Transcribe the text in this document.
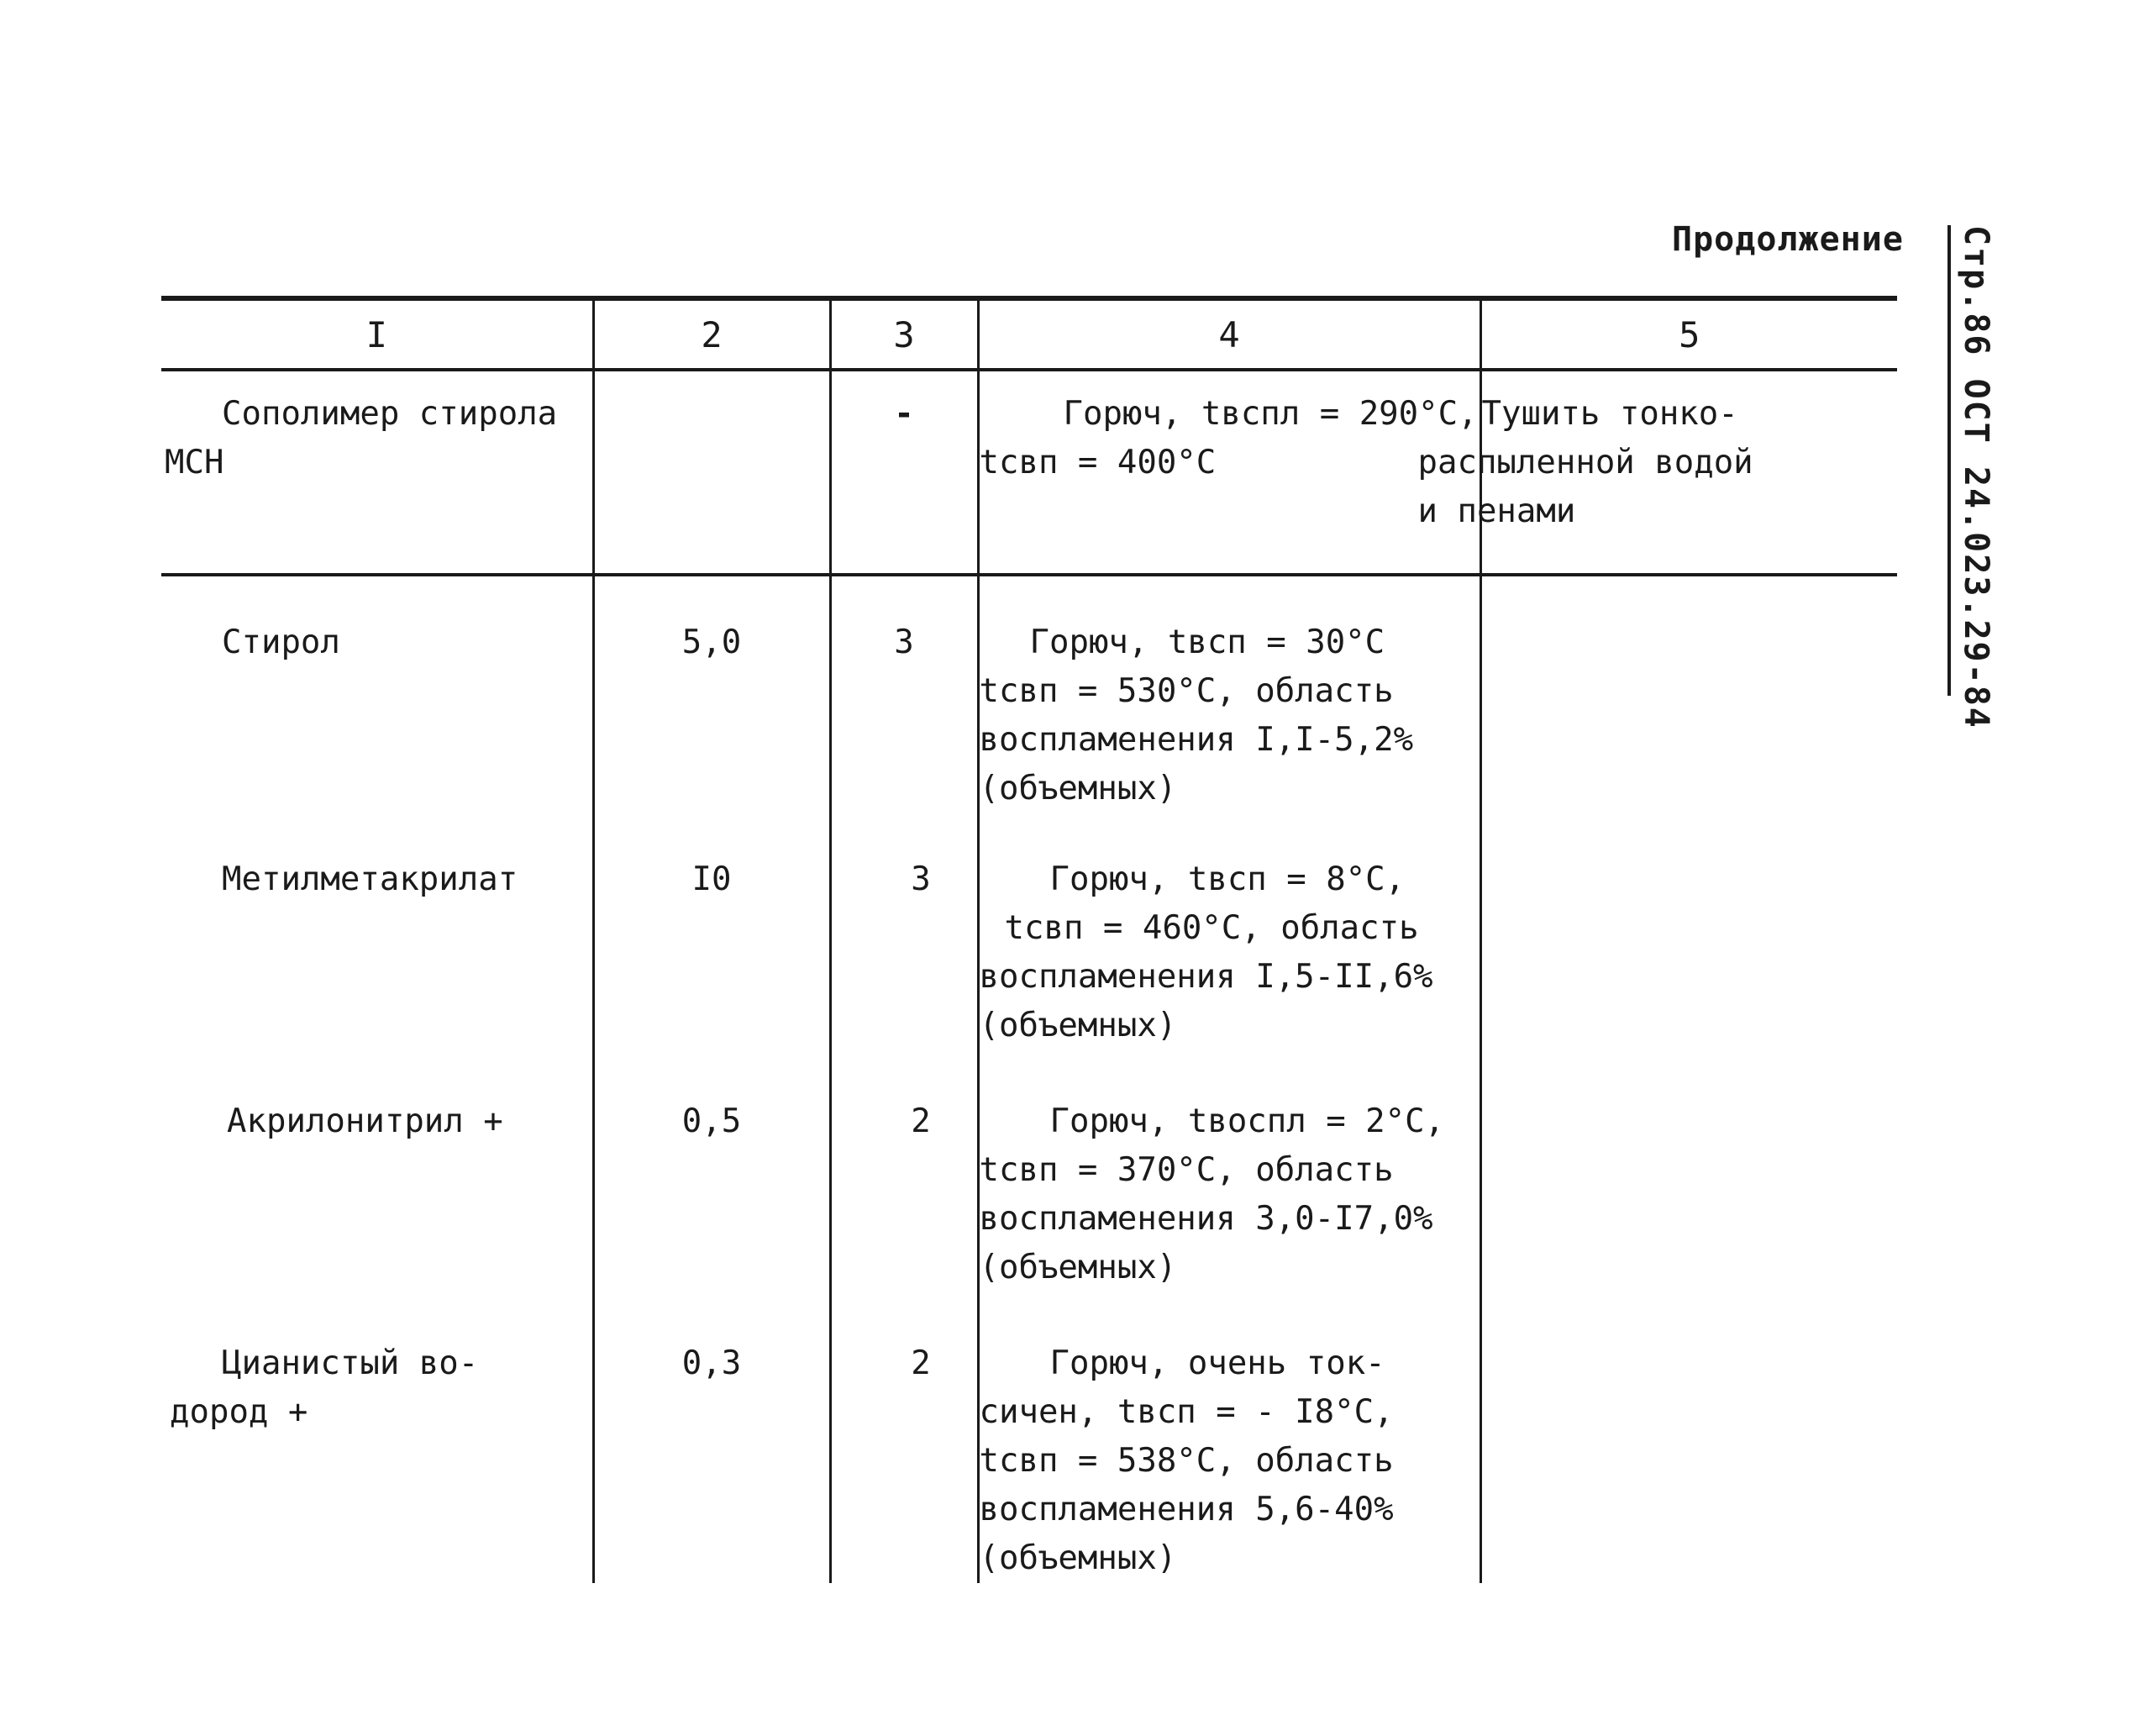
Продолжение Стр.86 ОСТ 24.023.29-84
I	2	3	4	5

Сополимер стирола
МСН		-	Горюч, tвспл = 290°С,
tсвп = 400°С	Тушить тонко-
распыленной водой
и пенами

Стирол	5,0	3	Горюч, tвсп = 30°С
tсвп = 530°С, область
воспламенения I,I-5,2%
(объемных)	

Метилметакрилат	I0	3	Горюч, tвсп = 8°С,
tсвп = 460°С, область
воспламенения I,5-II,6%
(объемных)	

Акрилонитрил +	0,5	2	Горюч, tвоспл = 2°С,
tсвп = 370°С, область
воспламенения 3,0-I7,0%
(объемных)	

Цианистый во-
дород +	0,3	2	Горюч, очень ток-
сичен, tвсп = - I8°С,
tсвп = 538°С, область
воспламенения 5,6-40%
(объемных)	
